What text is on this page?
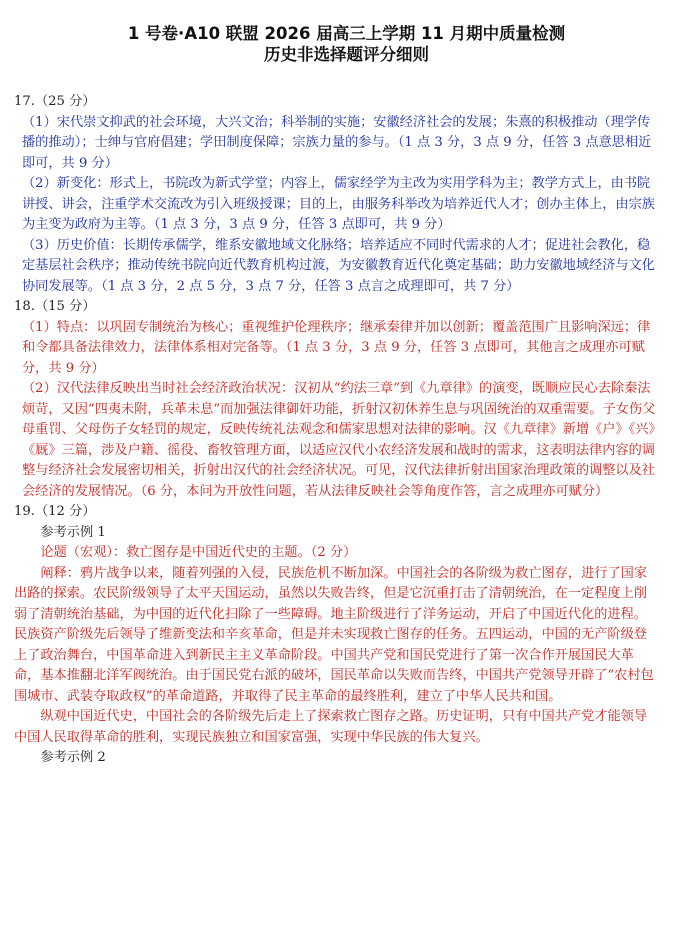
1 号卷·A10 联盟 2026 届高三上学期 11 月期中质量检测
历史非选择题评分细则

17.（25 分）

（1）宋代崇文抑武的社会环境，大兴文治；科举制的实施；安徽经济社会的发展；朱熹的积极推动（理学传播的推动）；士绅与官府倡建；学田制度保障；宗族力量的参与。（1 点 3 分，3 点 9 分，任答 3 点意思相近即可，共 9 分）

（2）新变化：形式上，书院改为新式学堂；内容上，儒家经学为主改为实用学科为主；教学方式上，由书院讲授、讲会，注重学术交流改为引入班级授课；目的上，由服务科举改为培养近代人才；创办主体上，由宗族为主变为政府为主等。（1 点 3 分，3 点 9 分，任答 3 点即可，共 9 分）

（3）历史价值：长期传承儒学，维系安徽地域文化脉络；培养适应不同时代需求的人才；促进社会教化，稳定基层社会秩序；推动传统书院向近代教育机构过渡，为安徽教育近代化奠定基础；助力安徽地域经济与文化协同发展等。（1 点 3 分，2 点 5 分，3 点 7 分，任答 3 点言之成理即可，共 7 分）

18.（15 分）

（1）特点：以巩固专制统治为核心；重视维护伦理秩序；继承秦律并加以创新；覆盖范围广且影响深远；律和令都具备法律效力，法律体系相对完备等。（1 点 3 分，3 点 9 分，任答 3 点即可，其他言之成理亦可赋分，共 9 分）

（2）汉代法律反映出当时社会经济政治状况：汉初从“约法三章”到《九章律》的演变，既顺应民心去除秦法烦苛，又因“四夷未附，兵革未息”而加强法律御奸功能，折射汉初休养生息与巩固统治的双重需要。子女伤父母重罚、父母伤子女轻罚的规定，反映传统礼法观念和儒家思想对法律的影响。汉《九章律》新增《户》《兴》《厩》三篇，涉及户籍、徭役、畜牧管理方面，以适应汉代小农经济发展和战时的需求，这表明法律内容的调整与经济社会发展密切相关，折射出汉代的社会经济状况。可见，汉代法律折射出国家治理政策的调整以及社会经济的发展情况。（6 分，本问为开放性问题，若从法律反映社会等角度作答，言之成理亦可赋分）

19.（12 分）

参考示例 1

论题（宏观）：救亡图存是中国近代史的主题。（2 分）

阐释：鸦片战争以来，随着列强的入侵，民族危机不断加深。中国社会的各阶级为救亡图存，进行了国家出路的探索。农民阶级领导了太平天国运动，虽然以失败告终，但是它沉重打击了清朝统治，在一定程度上削弱了清朝统治基础，为中国的近代化扫除了一些障碍。地主阶级进行了洋务运动，开启了中国近代化的进程。民族资产阶级先后领导了维新变法和辛亥革命，但是并未实现救亡图存的任务。五四运动，中国的无产阶级登上了政治舞台，中国革命进入到新民主主义革命阶段。中国共产党和国民党进行了第一次合作开展国民大革命，基本推翻北洋军阀统治。由于国民党右派的破坏，国民革命以失败而告终，中国共产党领导开辟了“农村包围城市、武装夺取政权”的革命道路，并取得了民主革命的最终胜利，建立了中华人民共和国。

纵观中国近代史，中国社会的各阶级先后走上了探索救亡图存之路。历史证明，只有中国共产党才能领导中国人民取得革命的胜利，实现民族独立和国家富强，实现中华民族的伟大复兴。

参考示例 2
